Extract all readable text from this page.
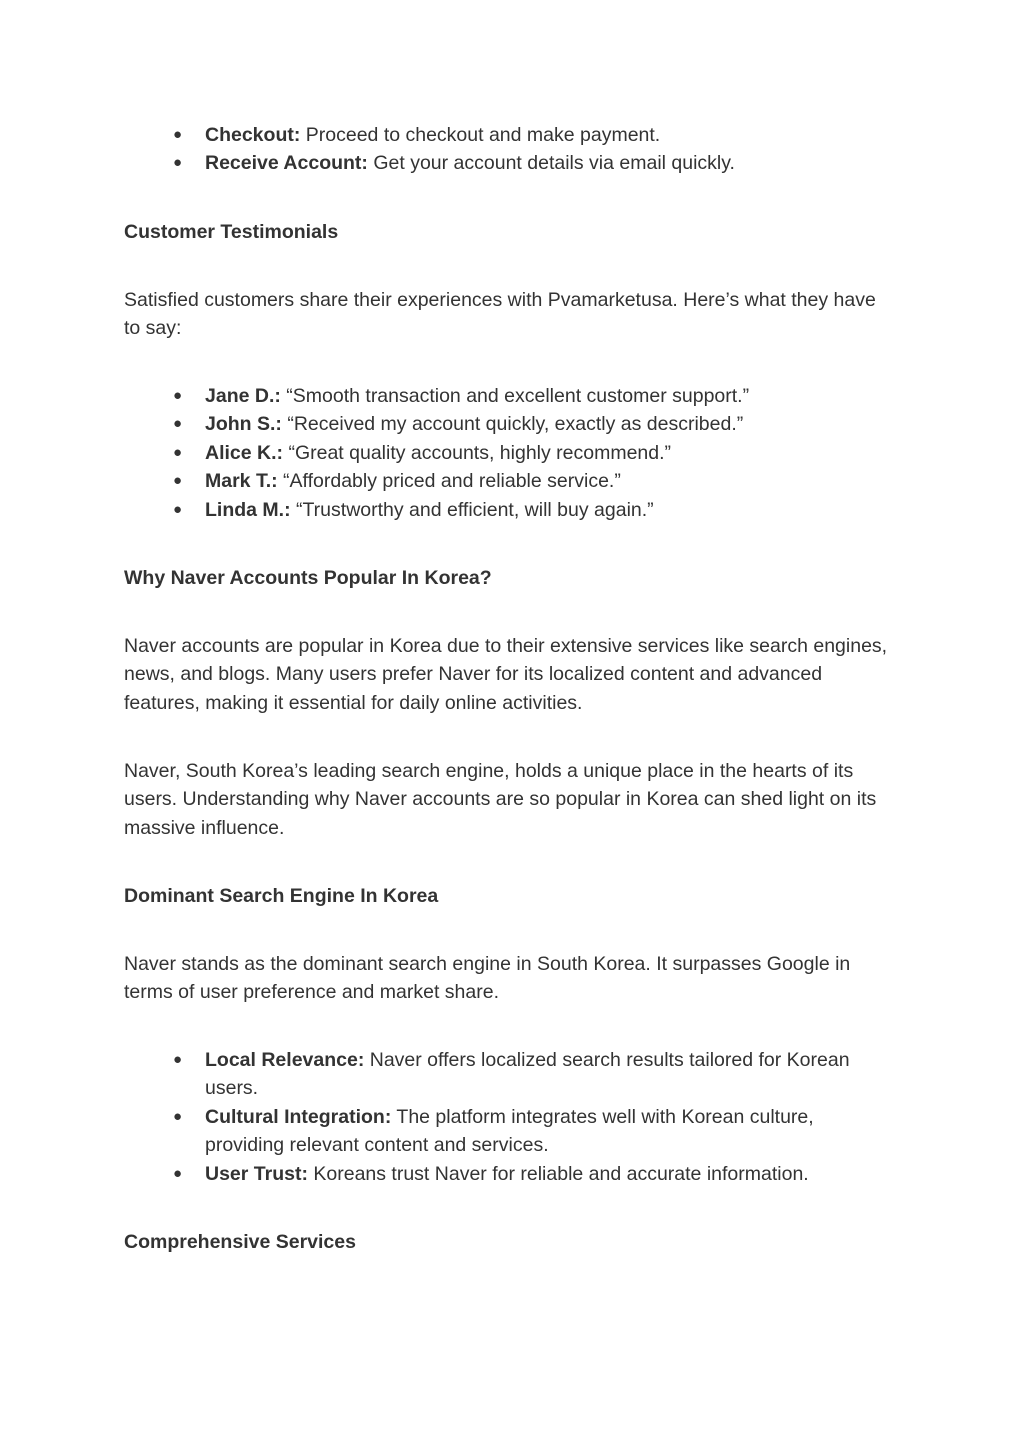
● Checkout: Proceed to checkout and make payment.
● Receive Account: Get your account details via email quickly.

Customer Testimonials

Satisfied customers share their experiences with Pvamarketusa. Here’s what they have to say:

● Jane D.: “Smooth transaction and excellent customer support.”
● John S.: “Received my account quickly, exactly as described.”
● Alice K.: “Great quality accounts, highly recommend.”
● Mark T.: “Affordably priced and reliable service.”
● Linda M.: “Trustworthy and efficient, will buy again.”

Why Naver Accounts Popular In Korea?

Naver accounts are popular in Korea due to their extensive services like search engines, news, and blogs. Many users prefer Naver for its localized content and advanced features, making it essential for daily online activities.

Naver, South Korea’s leading search engine, holds a unique place in the hearts of its users. Understanding why Naver accounts are so popular in Korea can shed light on its massive influence.

Dominant Search Engine In Korea

Naver stands as the dominant search engine in South Korea. It surpasses Google in terms of user preference and market share.

● Local Relevance: Naver offers localized search results tailored for Korean users.
● Cultural Integration: The platform integrates well with Korean culture, providing relevant content and services.
● User Trust: Koreans trust Naver for reliable and accurate information.

Comprehensive Services
